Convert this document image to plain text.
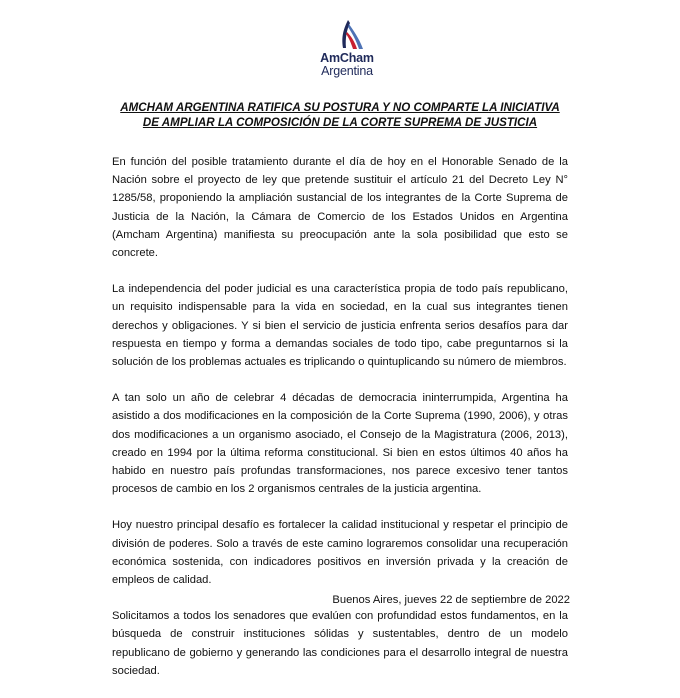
AmCham
Argentina
AMCHAM ARGENTINA RATIFICA SU POSTURA Y NO COMPARTE LA INICIATIVA
DE AMPLIAR LA COMPOSICIÓN DE LA CORTE SUPREMA DE JUSTICIA

En función del posible tratamiento durante el día de hoy en el Honorable Senado de la Nación sobre el proyecto de ley que pretende sustituir el artículo 21 del Decreto Ley N° 1285/58, proponiendo la ampliación sustancial de los integrantes de la Corte Suprema de Justicia de la Nación, la Cámara de Comercio de los Estados Unidos en Argentina (Amcham Argentina) manifiesta su preocupación ante la sola posibilidad que esto se concrete.

La independencia del poder judicial es una característica propia de todo país republicano, un requisito indispensable para la vida en sociedad, en la cual sus integrantes tienen derechos y obligaciones. Y si bien el servicio de justicia enfrenta serios desafíos para dar respuesta en tiempo y forma a demandas sociales de todo tipo, cabe preguntarnos si la solución de los problemas actuales es triplicando o quintuplicando su número de miembros.

A tan solo un año de celebrar 4 décadas de democracia ininterrumpida, Argentina ha asistido a dos modificaciones en la composición de la Corte Suprema (1990, 2006), y otras dos modificaciones a un organismo asociado, el Consejo de la Magistratura (2006, 2013), creado en 1994 por la última reforma constitucional. Si bien en estos últimos 40 años ha habido en nuestro país profundas transformaciones, nos parece excesivo tener tantos procesos de cambio en los 2 organismos centrales de la justicia argentina.

Hoy nuestro principal desafío es fortalecer la calidad institucional y respetar el principio de división de poderes. Solo a través de este camino lograremos consolidar una recuperación económica sostenida, con indicadores positivos en inversión privada y la creación de empleos de calidad.

Solicitamos a todos los senadores que evalúen con profundidad estos fundamentos, en la búsqueda de construir instituciones sólidas y sustentables, dentro de un modelo republicano de gobierno y generando las condiciones para el desarrollo integral de nuestra sociedad.

Buenos Aires, jueves 22 de septiembre de 2022
